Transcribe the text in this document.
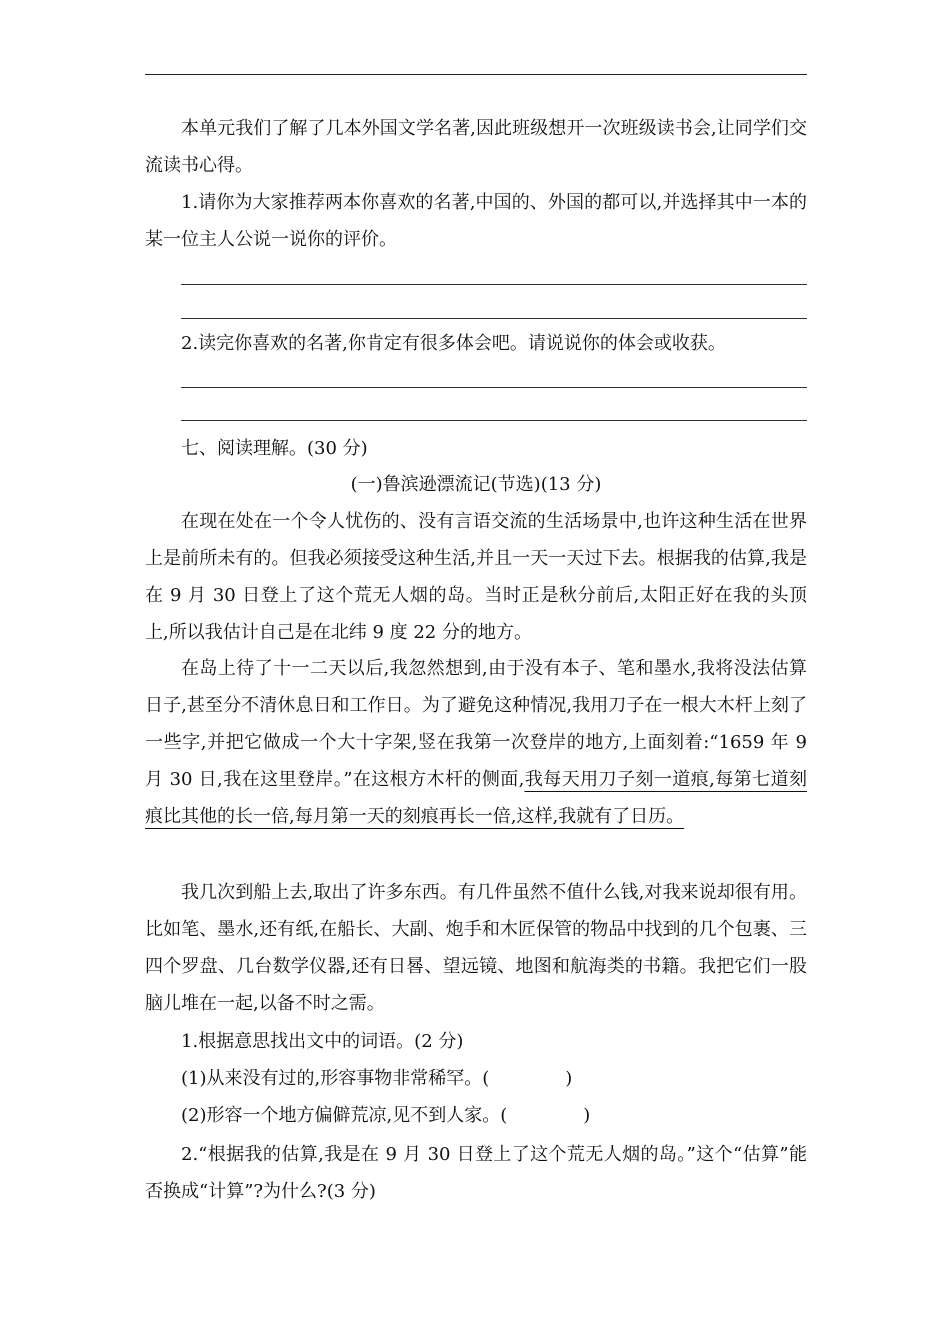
本单元我们了解了几本外国文学名著,因此班级想开一次班级读书会,让同学们交流读书心得。

1.请你为大家推荐两本你喜欢的名著,中国的、外国的都可以,并选择其中一本的某一位主人公说一说你的评价。

2.读完你喜欢的名著,你肯定有很多体会吧。请说说你的体会或收获。

七、阅读理解。(30 分)

(一)鲁滨逊漂流记(节选)(13 分)

在现在处在一个令人忧伤的、没有言语交流的生活场景中,也许这种生活在世界上是前所未有的。但我必须接受这种生活,并且一天一天过下去。根据我的估算,我是在 9 月 30 日登上了这个荒无人烟的岛。当时正是秋分前后,太阳正好在我的头顶上,所以我估计自己是在北纬 9 度 22 分的地方。

在岛上待了十一二天以后,我忽然想到,由于没有本子、笔和墨水,我将没法估算日子,甚至分不清休息日和工作日。为了避免这种情况,我用刀子在一根大木杆上刻了一些字,并把它做成一个大十字架,竖在我第一次登岸的地方,上面刻着:“1659 年 9 月 30 日,我在这里登岸。”在这根方木杆的侧面,我每天用刀子刻一道痕,每第七道刻痕比其他的长一倍,每月第一天的刻痕再长一倍,这样,我就有了日历。

我几次到船上去,取出了许多东西。有几件虽然不值什么钱,对我来说却很有用。比如笔、墨水,还有纸,在船长、大副、炮手和木匠保管的物品中找到的几个包裹、三四个罗盘、几台数学仪器,还有日晷、望远镜、地图和航海类的书籍。我把它们一股脑儿堆在一起,以备不时之需。

1.根据意思找出文中的词语。(2 分)

(1)从来没有过的,形容事物非常稀罕。(	)

(2)形容一个地方偏僻荒凉,见不到人家。(	)

2.“根据我的估算,我是在 9 月 30 日登上了这个荒无人烟的岛。”这个“估算”能否换成“计算”?为什么?(3 分)
